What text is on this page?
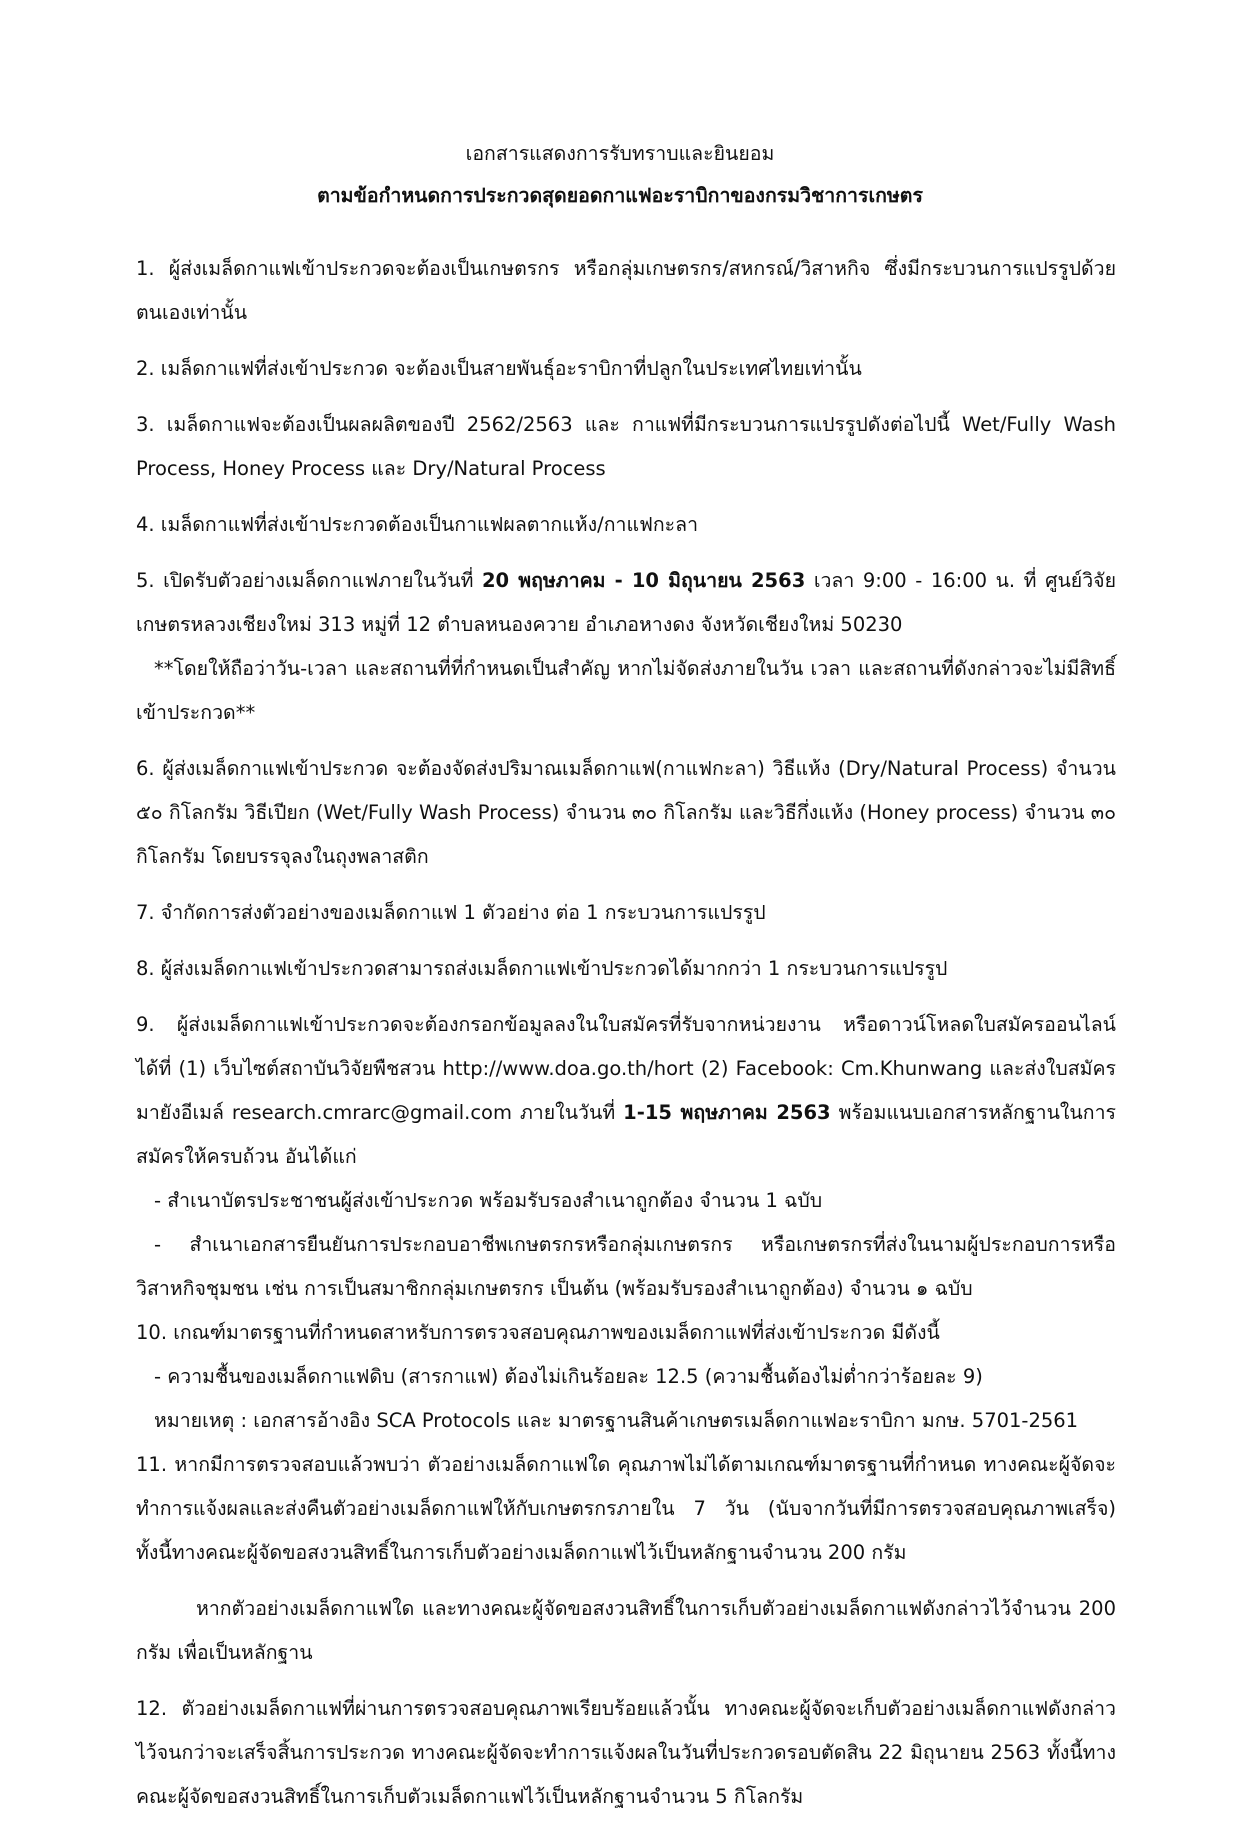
เอกสารแสดงการรับทราบและยินยอม
ตามข้อกำหนดการประกวดสุดยอดกาแฟอะราบิกาของกรมวิชาการเกษตร

1. ผู้ส่งเมล็ดกาแฟเข้าประกวดจะต้องเป็นเกษตรกร หรือกลุ่มเกษตรกร/สหกรณ์/วิสาหกิจ ซึ่งมีกระบวนการแปรรูปด้วยตนเองเท่านั้น

2. เมล็ดกาแฟที่ส่งเข้าประกวด จะต้องเป็นสายพันธุ์อะราบิกาที่ปลูกในประเทศไทยเท่านั้น

3. เมล็ดกาแฟจะต้องเป็นผลผลิตของปี 2562/2563 และ กาแฟที่มีกระบวนการแปรรูปดังต่อไปนี้ Wet/Fully Wash Process, Honey Process และ Dry/Natural Process

4. เมล็ดกาแฟที่ส่งเข้าประกวดต้องเป็นกาแฟผลตากแห้ง/กาแฟกะลา

5. เปิดรับตัวอย่างเมล็ดกาแฟภายในวันที่ 20 พฤษภาคม - 10 มิถุนายน 2563 เวลา 9:00 - 16:00 น. ที่ ศูนย์วิจัยเกษตรหลวงเชียงใหม่ 313 หมู่ที่ 12 ตำบลหนองควาย อำเภอหางดง จังหวัดเชียงใหม่ 50230

**โดยให้ถือว่าวัน-เวลา และสถานที่ที่กำหนดเป็นสำคัญ หากไม่จัดส่งภายในวัน เวลา และสถานที่ดังกล่าวจะไม่มีสิทธิ์เข้าประกวด**

6. ผู้ส่งเมล็ดกาแฟเข้าประกวด จะต้องจัดส่งปริมาณเมล็ดกาแฟ(กาแฟกะลา) วิธีแห้ง (Dry/Natural Process) จำนวน ๕๐ กิโลกรัม วิธีเปียก (Wet/Fully Wash Process) จำนวน ๓๐ กิโลกรัม และวิธีกึ่งแห้ง (Honey process) จำนวน ๓๐ กิโลกรัม โดยบรรจุลงในถุงพลาสติก

7. จำกัดการส่งตัวอย่างของเมล็ดกาแฟ 1 ตัวอย่าง ต่อ 1 กระบวนการแปรรูป

8. ผู้ส่งเมล็ดกาแฟเข้าประกวดสามารถส่งเมล็ดกาแฟเข้าประกวดได้มากกว่า 1 กระบวนการแปรรูป

9. ผู้ส่งเมล็ดกาแฟเข้าประกวดจะต้องกรอกข้อมูลลงในใบสมัครที่รับจากหน่วยงาน หรือดาวน์โหลดใบสมัครออนไลน์ได้ที่ (1) เว็บไซต์สถาบันวิจัยพืชสวน http://www.doa.go.th/hort (2) Facebook: Cm.Khunwang และส่งใบสมัครมายังอีเมล์ research.cmrarc@gmail.com ภายในวันที่ 1-15 พฤษภาคม 2563 พร้อมแนบเอกสารหลักฐานในการสมัครให้ครบถ้วน อันได้แก่

- สำเนาบัตรประชาชนผู้ส่งเข้าประกวด พร้อมรับรองสำเนาถูกต้อง จำนวน 1 ฉบับ

- สำเนาเอกสารยืนยันการประกอบอาชีพเกษตรกรหรือกลุ่มเกษตรกร หรือเกษตรกรที่ส่งในนามผู้ประกอบการหรือวิสาหกิจชุมชน เช่น การเป็นสมาชิกกลุ่มเกษตรกร เป็นต้น (พร้อมรับรองสำเนาถูกต้อง) จำนวน ๑ ฉบับ

10. เกณฑ์มาตรฐานที่กำหนดสาหรับการตรวจสอบคุณภาพของเมล็ดกาแฟที่ส่งเข้าประกวด มีดังนี้

- ความชื้นของเมล็ดกาแฟดิบ (สารกาแฟ) ต้องไม่เกินร้อยละ 12.5 (ความชื้นต้องไม่ต่ำกว่าร้อยละ 9)

หมายเหตุ : เอกสารอ้างอิง SCA Protocols และ มาตรฐานสินค้าเกษตรเมล็ดกาแฟอะราบิกา มกษ. 5701-2561

11. หากมีการตรวจสอบแล้วพบว่า ตัวอย่างเมล็ดกาแฟใด คุณภาพไม่ได้ตามเกณฑ์มาตรฐานที่กำหนด ทางคณะผู้จัดจะทำการแจ้งผลและส่งคืนตัวอย่างเมล็ดกาแฟให้กับเกษตรกรภายใน 7 วัน (นับจากวันที่มีการตรวจสอบคุณภาพเสร็จ) ทั้งนี้ทางคณะผู้จัดขอสงวนสิทธิ์ในการเก็บตัวอย่างเมล็ดกาแฟไว้เป็นหลักฐานจำนวน 200 กรัม

หากตัวอย่างเมล็ดกาแฟใด และทางคณะผู้จัดขอสงวนสิทธิ์ในการเก็บตัวอย่างเมล็ดกาแฟดังกล่าวไว้จำนวน 200 กรัม เพื่อเป็นหลักฐาน

12. ตัวอย่างเมล็ดกาแฟที่ผ่านการตรวจสอบคุณภาพเรียบร้อยแล้วนั้น ทางคณะผู้จัดจะเก็บตัวอย่างเมล็ดกาแฟดังกล่าวไว้จนกว่าจะเสร็จสิ้นการประกวด ทางคณะผู้จัดจะทำการแจ้งผลในวันที่ประกวดรอบตัดสิน 22 มิถุนายน 2563 ทั้งนี้ทางคณะผู้จัดขอสงวนสิทธิ์ในการเก็บตัวเมล็ดกาแฟไว้เป็นหลักฐานจำนวน 5 กิโลกรัม
